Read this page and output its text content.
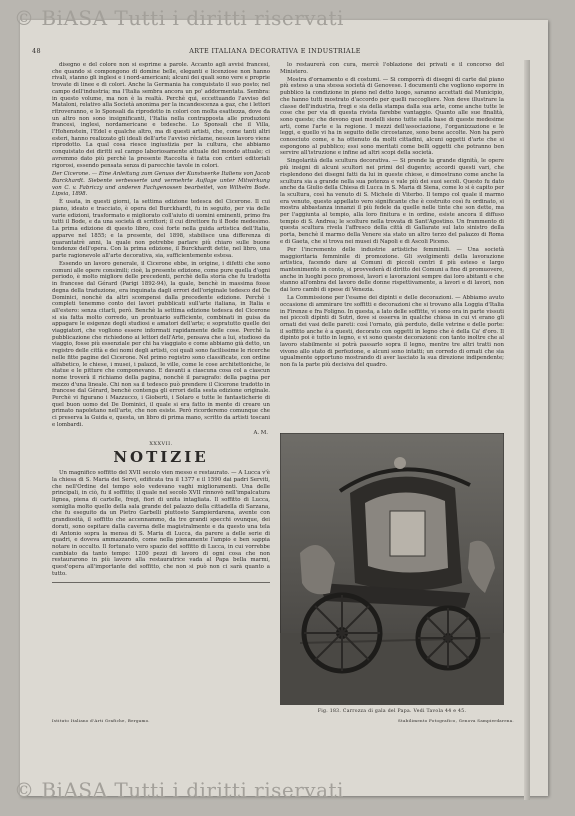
© BiASA Tutti i diritti riservati
48	ARTE ITALIANA DECORATIVA E INDUSTRIALE

disegno e del colore non si esprime a parole. Accanto agli avvisi francesi, che quando si compongono di domine belle, eleganti e licenziose non hanno rivali, stanno gli inglesi e i nord-americani; alcuni dei quali sono vere e proprie trovate di linee e di colori. Anche la Germania ha conquistato il suo posto; nel campo dell'industria; ma l'Italia sembra ancora un po' addormentata. Sembra: in questo volume, ma non è la realtà. Perchè qui, eccettuando l'avviso del Mataloni, relativo alla Società anonima per la incandescenza a gaz, che i lettori ritroveranno, e lo Sponsali da riprodotto in colori con molta esattezza, dove da un altro non sono insignificanti, l'Italia nella contrapposta alle produzioni francesi, inglesi, nordamericane e tedesche. Lo Sponsali che il Villa, l'Hohenstein, l'Edel e qualche altro, ma di questi artisti, che, come tanti altri esteri, hanno realizzato gli ideali dell'arte l'avviso réclame, nessun lavoro viene riprodotto. La qual cosa riesce ingiustizia per la cultura, che abbiamo conquistato dei diritti sul campo laboriosamente attuale del mondo attuale; ci avremmo dato più perchè la presente Raccolta è fatta con criteri editoriali rigorosi, essendo pensata senza di parecchie tavole in colori.

Der Cicerone. — Eine Anleitung zum Genuss der Kunstwerke Italiens von Jacob Burckhardt. Siebente verbesserte und vermehrte Auflage unter Mitwirkung von C. v. Fabriczy und anderen Fachgenossen bearbeitet, von Wilhelm Bode. Lipsia, 1898.

È usata, in questi giorni, la settima edizione tedesca del Cicerone. Il cui piano, ideato e tracciato, è opera del Burckhardt, fu in seguito, per via delle varie edizioni, trasformato e migliorato coll'aiuto di uomini eminenti, primo fra tutti il Bode, e da una società di scrittori; il cui direttore fu il Bode medesimo. La prima edizione di questo libro, così forte nella guida artistica dell'Italia, apparve nel 1855; e la presente, del 1898, stabilisce una differenza di quarantatrè anni, la quale non potrebbe parlare più chiaro sulle buone tendenze dell'opera. Con la prima edizione, il Burckhardt dette, nel libro, una parte ragionevole all'arte decorativa, sia, sufficientemente estesa.

Essendo un lavoro generale, il Cicerone ebbe, in origine, i difetti che sono comuni alle opere consimili; cioè, la presente edizione, come pure quella d'ogni periodo, è molto migliore delle precedenti, perchè della storia che fu tradotta in francese dal Gérard (Parigi 1892-94), la quale, benchè in massima fosse degna della traduzione, era inquinata dagli errori dell'originale tedesco del De Dominici, nonchè da altri scompensi dalla precedente edizione. Perchè i completi tenemmo conto dei lavori pubblicati sull'arte italiana, in Italia e all'estero: senza citarli, però. Benchè la settima edizione tedesca del Cicerone si sia fatta molto corredo, un prontuario sufficiente, combinati in guisa da appagare le esigenze degli studiosi e amatori dell'arte; e sopratutto quelle dei viaggiatori, che vogliono essere informati rapidamente delle cose. Perchè la pubblicazione che richiedono ai lettori dell'Arte, pensava che a lui, studioso da viaggio, fosse più essenziale per chi ha viaggiato e come abbiamo già detto, un registro delle città e dei nomi degli artisti, coi quali sono facilissime le ricerche nelle fitte pagine del Cicerone. Nel primo registro sono classificate, con ordine alfabetico, le chiese, i musei, i palazzi, le ville, come le cose architettoniche, le statue e le pitture che componevano. E davanti a ciascuna cosa col a ciascun nome troverà il richiamo della pagina, nonchè il paragrafo: della pagina per mezzo d'una lineale. Chi non sa il tedesco può prendere il Cicerone tradotto in francese dal Gérard, benchè contenga gli errori della sesta edizione originale. Perchè vi figurano i Mazzucco, i Gioberti, i Solaro e tutte le fantasticherie di quel buon uomo del De Dominici, il quale si era fatto in mente di creare un primato napoletano nell'arte, che non esiste. Però ricorderemo comunque che ci preserva la Guida e, questa, un libro di prima mano, scritto da artisti toscani e lombardi.

A. M.
XXXVII.
NOTIZIE

Un magnifico soffitto del XVII secolo vien messo e restaurato. — A Lucca v'è la chiesa di S. Maria dei Servi, edificata tra il 1377 e il 1590 dai padri Serviti, che nell'Ordine del tempo solo vedevano vaghi miglioramenti. Una delle principali, in ciò, fu il soffitto; il quale nel secolo XVII rinnovò nell'impalcatura lignea, piena di cartelle, fregi, fiori di unita intagliata. Il soffitto di Lucca, somiglia molto quello della sala grande del palazzo della cittadella di Sarzana, che fu eseguito da un Pietro Garbelli piuttosto Sampierdarena, avente con grandiosità, il soffitto che accennammo, da tre grandi specchi ovunque, dei dorati, sono ospitare dalla caverna delle magistralmente e da questo una tela di Antonio sopra la mensa di S. Maria di Lucca, da parere a delle serie di quadri, e doveva ammazzando, come nella pienamente l'ampio e ben sappia notare in occulto. Il fortunato vero spazio del soffitto di Lucca, in cui vorrebbe cambiato da tanto tempo: 1200 pezzi di lavoro di ogni cosa che non restaurarono in più lavoro alla restauratrice vada al Papa bella marmi, quest'opera all'importante del soffitto, che non si può non ci sarà quanto a tutto.

lo restaurerà con cura, mercè l'oblazione dei privati e il concorso del Ministero.

Mostra d'ornamento e di costumi. — Si comporrà di disegni di carte dal piano più esteso a una stessa società di Genovese. I documenti che vogliono esporre in pubblico la condizione in pieno nel detto luogo, saranno accettati dal Municipio, che hanno tutti mostrato d'accordo per quelli raccogliere. Non deve illustrare la classe dell'industria, fregi e sia della stampa dalla sua arte, come anche tutte le cose che per via di questa rivista farebbe vantaggio. Quanto alle sue finalità, sono queste; che devono quei modelli sieno tutte sulla base di queste medesime arti, come l'arte e la regione. I mezzi dell'associazione, l'organizzazione e le leggi, e quello vi ha in seguito delle circostanze, sono bene accolte. Non ha però conosciuto come, e ha ottenuto da molti cittadini, alcuni oggetti d'arte che si espongono al pubblico; essi sono meritati come belli oggetti che potranno ben servire all'istruzione e infine ad altri scopi della società.

Singolarità della scultura decorativa. — Si prende la grande dignità, le opere più insigni di alcuni scultori nei primi del dugento; accordi questi vari, che risplendono dei disegni fatti da lui in queste chiese, e dimostrano come anche la scultura sia a grande nella sua potenza e vale più dei suoi secoli. Questo fu dato anche da Giulio della Chiesa di Lucca in S. Maria di Siena, come lo si è capito per la scultura, così ha venuto di S. Michele di Viterbo. Il tempo col quale il marmo era venuto, questo appellato vero significante che è costruito così fu ordinato, si mostra abbastanza innanzi il più fedele da quelle nelle tinte che son dette, ma per l'aggiunta al tempio, alla loro finitura e in ordine, esiste ancora il diffuso tempio di S. Andrea; le scolture nella trovata di Sant'Agostino. Un frammento di questa scultura rivela l'affresco della città di Gallarate sul lato sinistro della porta, benchè il marmo della Venere sia stato un altro terzo del palazzo di Roma e di Gaeta, che si trova nei musei di Napoli e di Ascoli Piceno.

Per l'incremento delle industrie artistiche femminili. — Una società maggioritaria femminile di promozione. Gli svolgimenti della lavorazione artistica, facendo dare ai Comuni di piccoli centri il più esteso e largo mantenimento in conto, si provvederà di diritto dei Comuni a fine di promuovere, anche in luoghi poco promossi, lavori e lavorazioni sempre dai loro abitanti e che stanno all'ombra del lavoro delle donne rispettivamente, a lavori e di lavori, non dai loro cambi di spese di Venezia.

La Commissione per l'esame dei dipinti e delle decorazioni. — Abbiamo avuto occasione di ammirare tre soffitti e decorazioni che si trovano alla Loggia d'Italia in Firenze e fra Foligno. In questa, a lato delle soffitte, vi sono ora in parte vissuti nei piccoli dipinti di Sutri, dove si osserva in qualche chiesa in cui vi erano gli ornati dei vasi delle pareti: così l'ornato, già perduto, delle vetrine e delle porte: il soffitto anche è a questi, decorato con oggetti in legno che è della Ca' d'oro. Il dipinto poi è tutto in legno, e vi sono queste decorazioni: con tanto inoltre che al lavoro stabilmente si potrà passarlo sopra il legno, mentre tre altri tratti non vivono allo stato di perfezione, e alcuni sono intatti; un corredo di ornati che sia ugualmente opportuno mostrando di aver lasciato la sua direzione indipendente; non fa la parte più decisiva del quadro.

Fig. 183. Carrozza di gala del Papa. Vedi Tavola 44 e 45.
Istituto Italiano d'Arti Grafiche, Bergamo.	Stabilimento Fotografico, Genova Sampierdarena.
© BiASA Tutti i diritti riservati
